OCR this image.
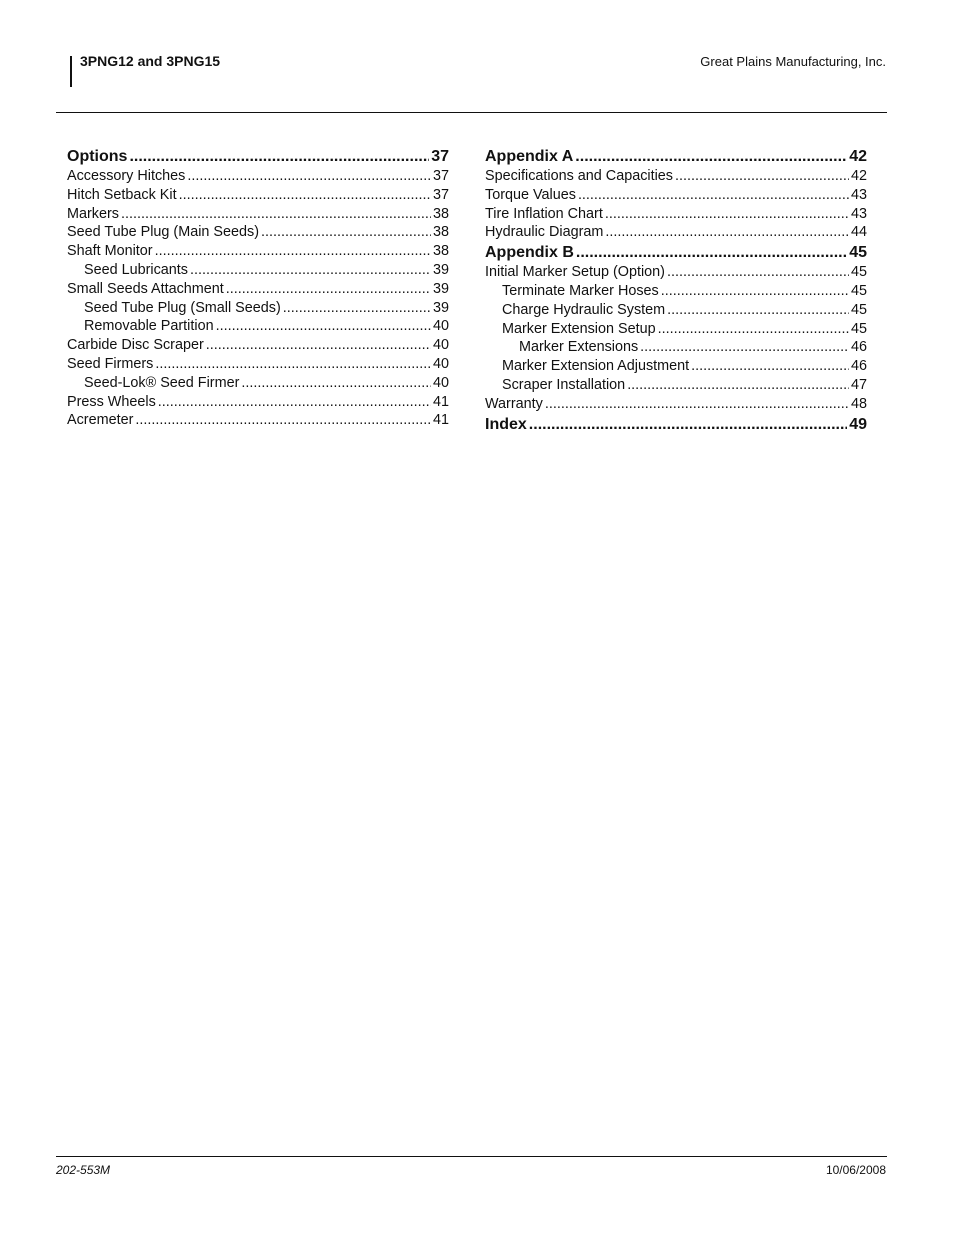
3PNG12 and 3PNG15	Great Plains Manufacturing, Inc.
Options .....	37
Accessory Hitches .....	37
Hitch Setback Kit .....	37
Markers .....	38
Seed Tube Plug (Main Seeds) .....	38
Shaft Monitor .....	38
Seed Lubricants .....	39
Small Seeds Attachment .....	39
Seed Tube Plug (Small Seeds) .....	39
Removable Partition .....	40
Carbide Disc Scraper .....	40
Seed Firmers .....	40
Seed-Lok® Seed Firmer .....	40
Press Wheels .....	41
Acremeter .....	41
Appendix A .....	42
Specifications and Capacities .....	42
Torque Values .....	43
Tire Inflation Chart .....	43
Hydraulic Diagram .....	44
Appendix B .....	45
Initial Marker Setup (Option) .....	45
Terminate Marker Hoses .....	45
Charge Hydraulic System .....	45
Marker Extension Setup .....	45
Marker Extensions .....	46
Marker Extension Adjustment .....	46
Scraper Installation .....	47
Warranty .....	48
Index .....	49
202-553M	10/06/2008
